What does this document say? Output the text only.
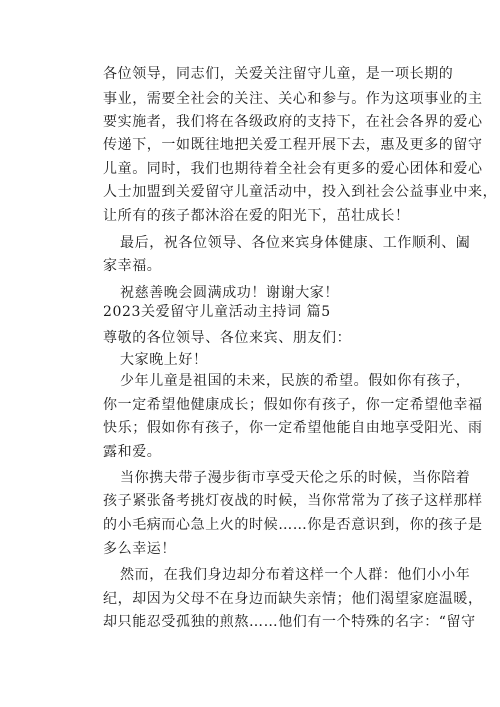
各位领导，同志们，关爱关注留守儿童，是一项长期的
事业，需要全社会的关注、关心和参与。作为这项事业的主
要实施者，我们将在各级政府的支持下，在社会各界的爱心
传递下，一如既往地把关爱工程开展下去，惠及更多的留守
儿童。同时，我们也期待着全社会有更多的爱心团体和爱心
人士加盟到关爱留守儿童活动中，投入到社会公益事业中来，
让所有的孩子都沐浴在爱的阳光下，茁壮成长！
最后，祝各位领导、各位来宾身体健康、工作顺利、阖
家幸福。
祝慈善晚会圆满成功！谢谢大家！
2023关爱留守儿童活动主持词 篇5
尊敬的各位领导、各位来宾、朋友们：
大家晚上好！
少年儿童是祖国的未来，民族的希望。假如你有孩子，
你一定希望他健康成长；假如你有孩子，你一定希望他幸福
快乐；假如你有孩子，你一定希望他能自由地享受阳光、雨
露和爱。
当你携夫带子漫步街市享受天伦之乐的时候，当你陪着
孩子紧张备考挑灯夜战的时候，当你常常为了孩子这样那样
的小毛病而心急上火的时候……你是否意识到，你的孩子是
多么幸运！
然而，在我们身边却分布着这样一个人群：他们小小年
纪，却因为父母不在身边而缺失亲情；他们渴望家庭温暖，
却只能忍受孤独的煎熬……他们有一个特殊的名字：“留守
